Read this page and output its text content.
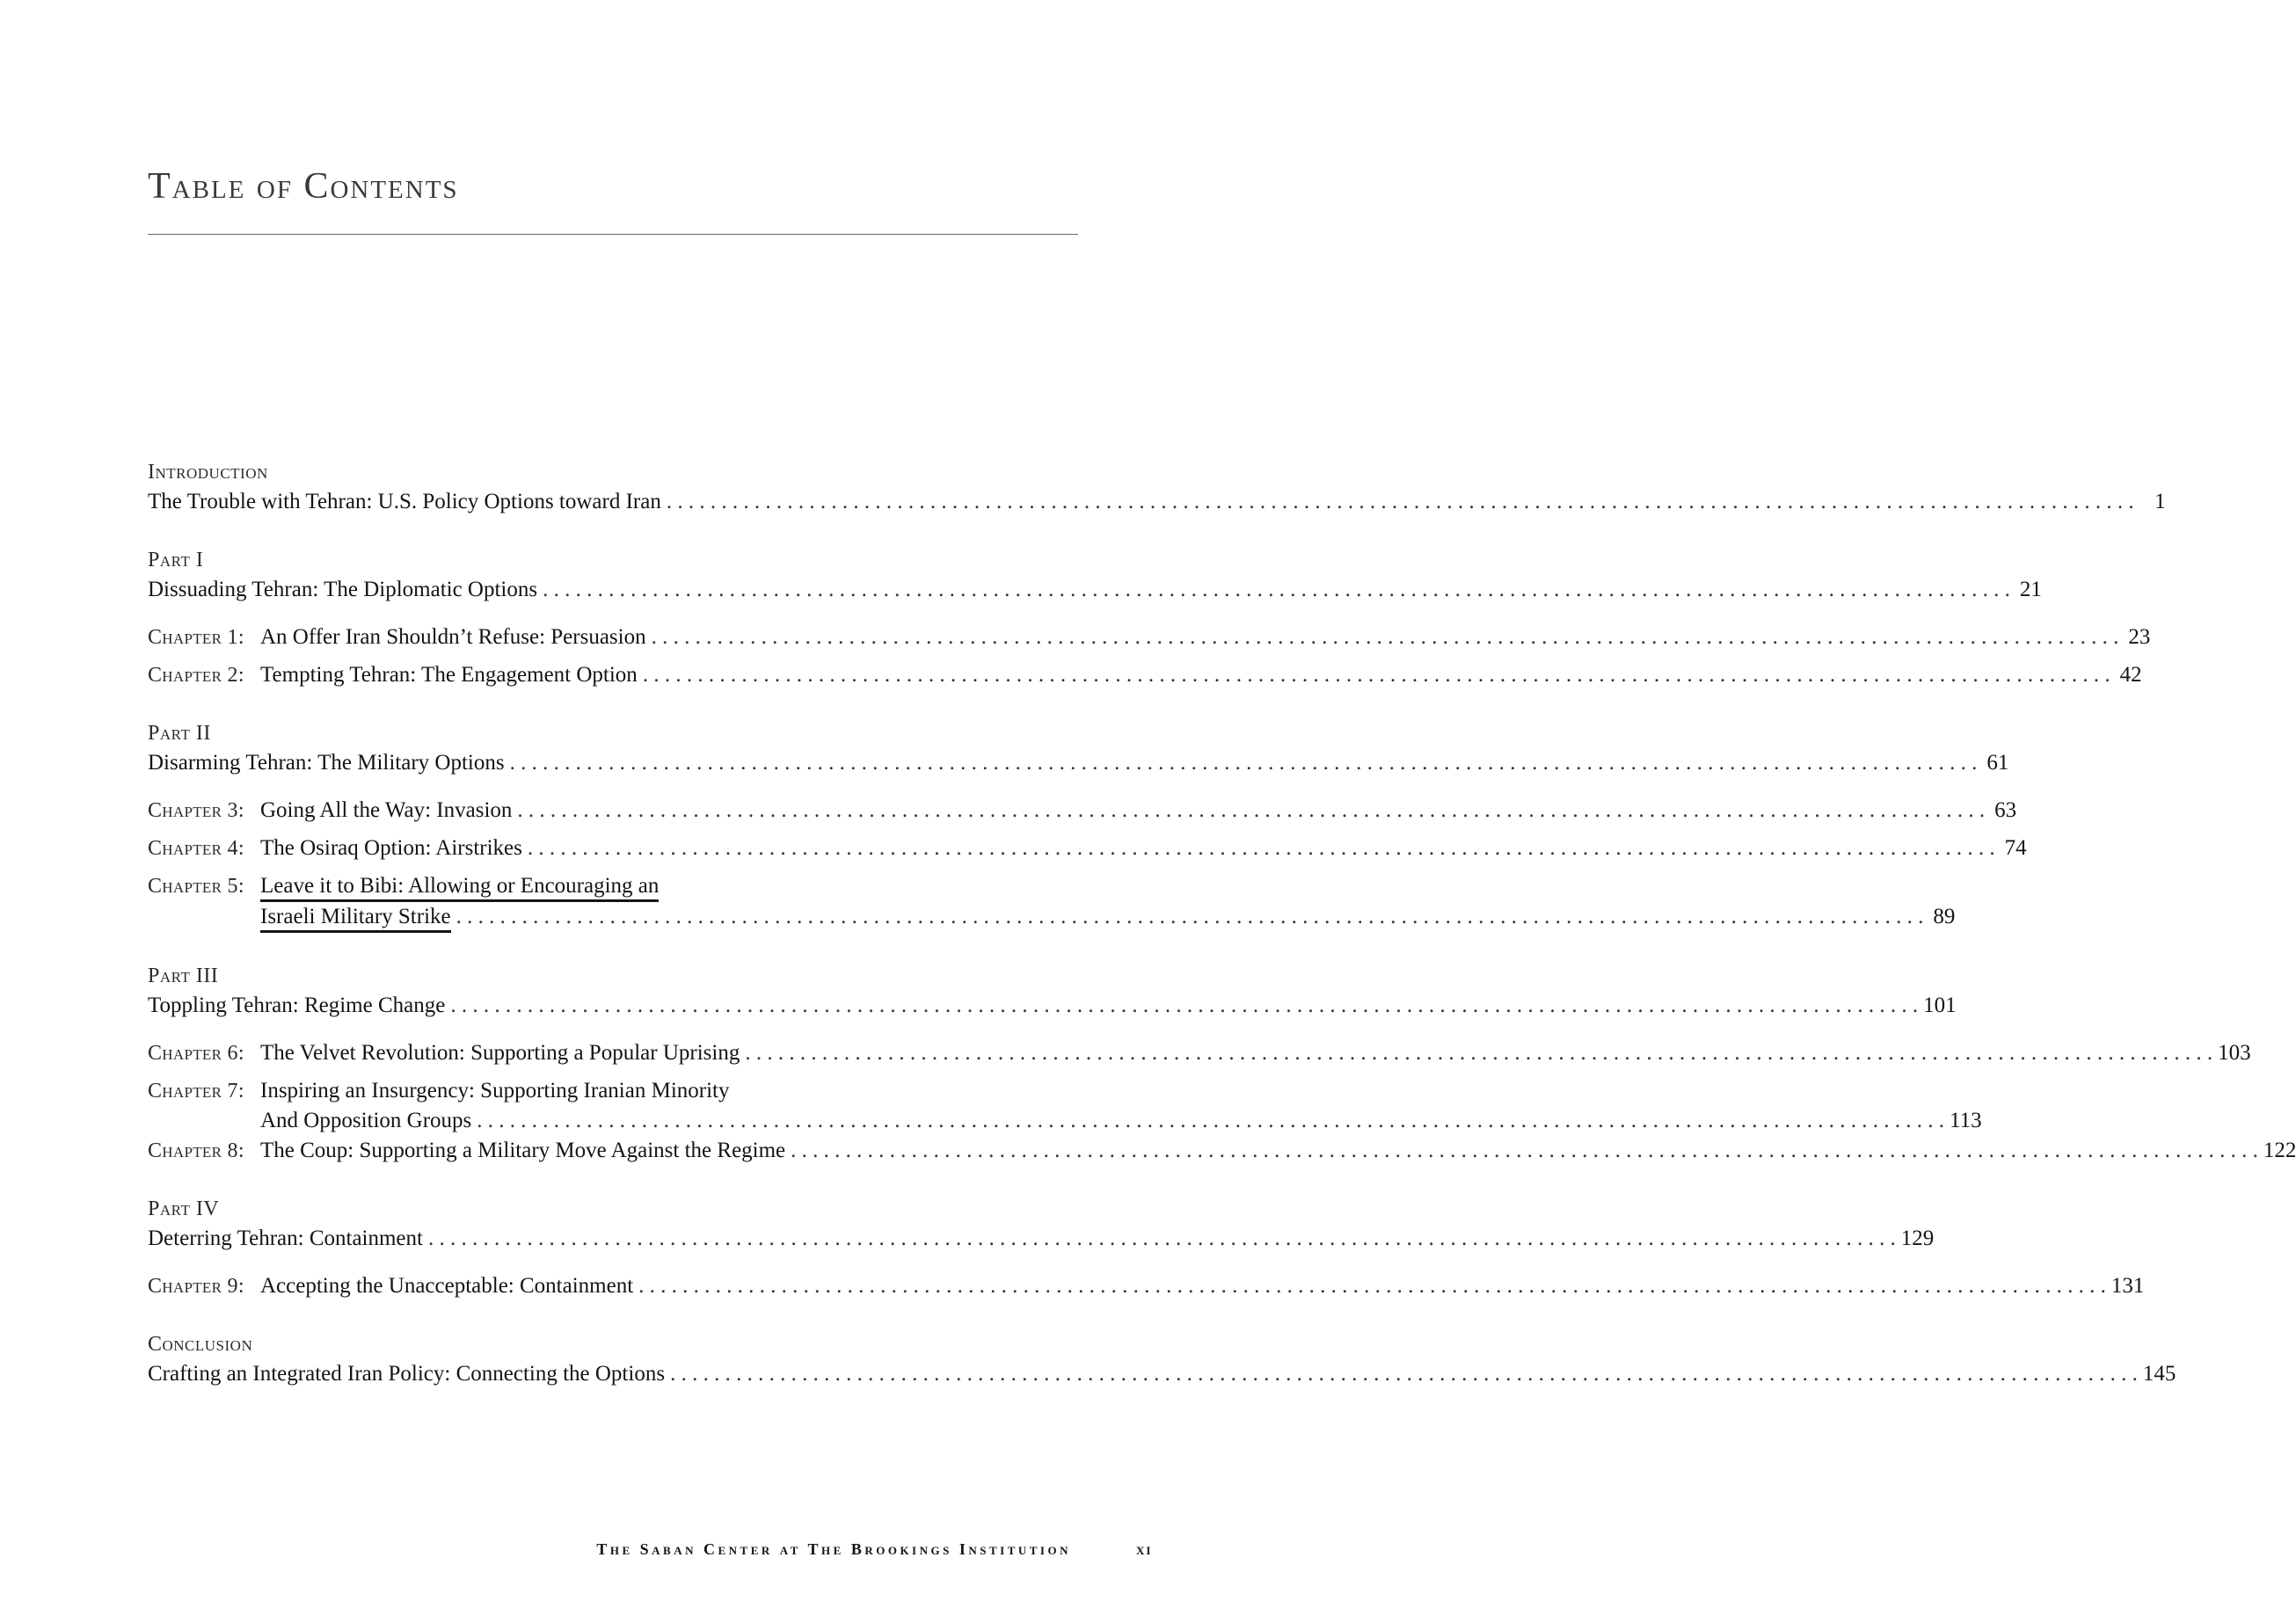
Table of Contents
Introduction
The Trouble with Tehran: U.S. Policy Options toward Iran . . .	1
Part I
Dissuading Tehran: The Diplomatic Options . . .	21
Chapter 1: An Offer Iran Shouldn’t Refuse: Persuasion . . .	23
Chapter 2: Tempting Tehran: The Engagement Option . . .	42
Part II
Disarming Tehran: The Military Options . . .	61
Chapter 3: Going All the Way: Invasion . . .	63
Chapter 4: The Osiraq Option: Airstrikes . . .	74
Chapter 5: Leave it to Bibi: Allowing or Encouraging an
Israeli Military Strike . . .	89
Part III
Toppling Tehran: Regime Change . . .	101
Chapter 6: The Velvet Revolution: Supporting a Popular Uprising . . .	103
Chapter 7: Inspiring an Insurgency: Supporting Iranian Minority
And Opposition Groups . . .	113
Chapter 8: The Coup: Supporting a Military Move Against the Regime . . .	122
Part IV
Deterring Tehran: Containment . . .	129
Chapter 9: Accepting the Unacceptable: Containment . . .	131
Conclusion
Crafting an Integrated Iran Policy: Connecting the Options . . .	145
The Saban Center at The Brookings Institution	xi
